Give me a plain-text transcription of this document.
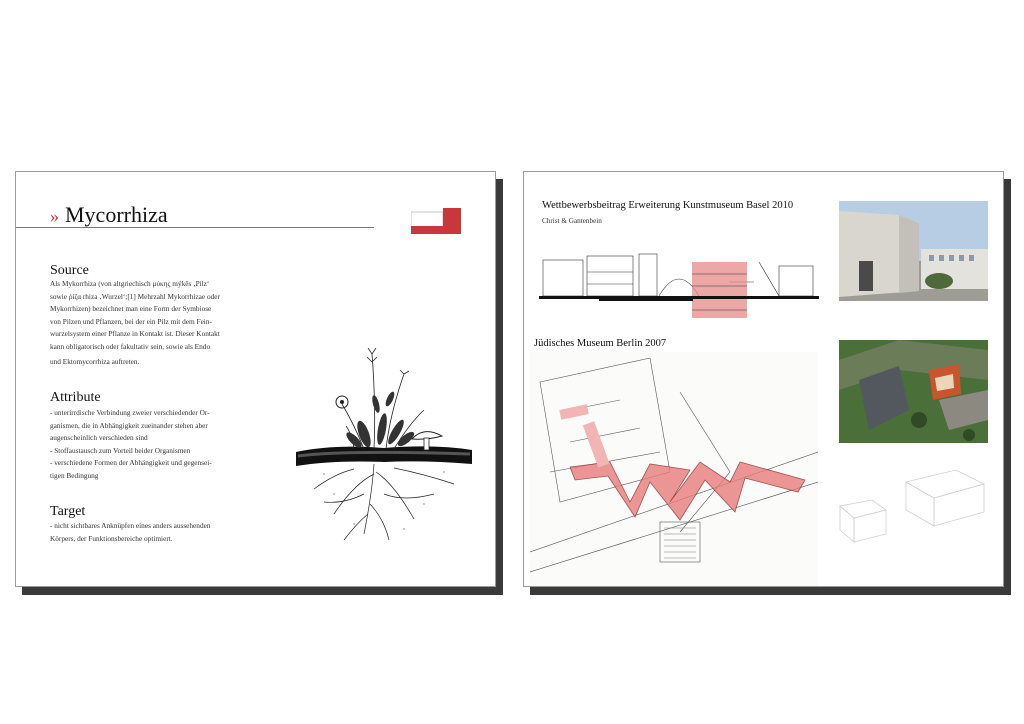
» Mycorrhiza
Source
Als Mykorrhiza (von altgriechisch μύκης mýkēs ‚Pilz‘
sowie ῥίζα rhiza ‚Wurzel‘;[1] Mehrzahl Mykorrhizae oder
Mykorrhizen) bezeichnet man eine Form der Symbiose
von Pilzen und Pflanzen, bei der ein Pilz mit dem Fein-
wurzelsystem einer Pflanze in Kontakt ist. Dieser Kontakt
kann obligatorisch oder fakultativ sein, sowie als Endo
und Ektomycorrhiza auftreten.
Attribute
- unterirrdische Verbindung zweier verschiedender Or-
ganismen, die in Abhängigkeit zueinander stehen aber
augenscheinlich verschieden sind
- Stoffaustausch zum Vorteil beider Organismen
- verschiedene Formen der Abhängigkeit und gegensei-
tigen Bedingung
Target
- nicht sichtbares Anknüpfen eines anders aussehenden
Körpers, der Funktionsbereiche optimiert.
Wettbewerbsbeitrag Erweiterung Kunstmuseum Basel 2010
Christ & Gantenbein
Jüdisches Museum Berlin 2007
